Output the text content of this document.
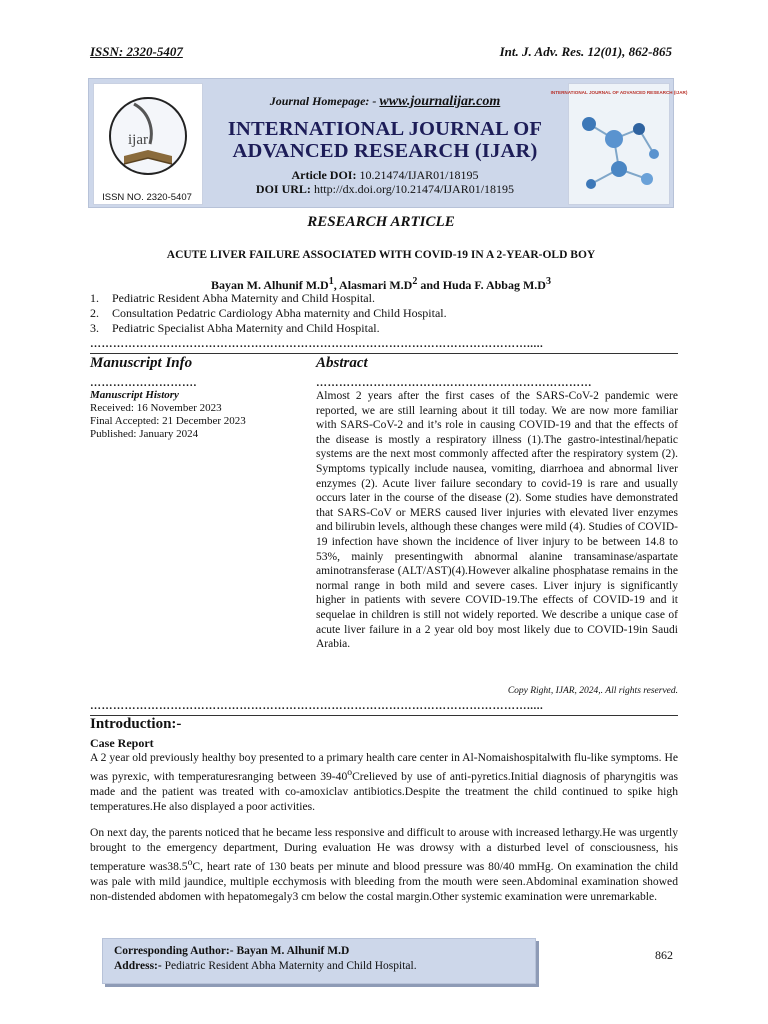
ISSN: 2320-5407	Int. J. Adv. Res. 12(01), 862-865
ijar
ISSN NO. 2320-5407
Journal Homepage: - www.journalijar.com
INTERNATIONAL JOURNAL OF
ADVANCED RESEARCH (IJAR)
Article DOI: 10.21474/IJAR01/18195
DOI URL: http://dx.doi.org/10.21474/IJAR01/18195
INTERNATIONAL JOURNAL OF ADVANCED RESEARCH (IJAR)
RESEARCH ARTICLE
ACUTE LIVER FAILURE ASSOCIATED WITH COVID-19 IN A 2-YEAR-OLD BOY
Bayan M. Alhunif $M.D^1$, Alasmari $M.D^2$ and Huda F. Abbag $M.D^3$
1. Pediatric Resident Abha Maternity and Child Hospital.
2. Consultation Pedatric Cardiology Abha maternity and Child Hospital.
3. Pediatric Specialist Abha Maternity and Child Hospital.
…………………………………………………………………………………………………….....
Manuscript Info	Abstract
……………………….	………………………………………………………………
Manuscript History
Received: 16 November 2023
Final Accepted: 21 December 2023
Published: January 2024
Almost 2 years after the first cases of the SARS-CoV-2 pandemic were reported, we are still learning about it till today. We are now more familiar with SARS-CoV-2 and it’s role in causing COVID-19 and that the effects of the disease is mostly a respiratory illness (1).The gastro-intestinal/hepatic systems are the next most commonly affected after the respiratory system (2). Symptoms typically include nausea, vomiting, diarrhoea and abnormal liver enzymes (2). Acute liver failure secondary to covid-19 is rare and usually occurs later in the course of the disease (2). Some studies have demonstrated that SARS-CoV or MERS caused liver injuries with elevated liver enzymes and bilirubin levels, although these changes were mild (4). Studies of COVID-19 infection have shown the incidence of liver injury to be between 14.8 to 53%, mainly presentingwith abnormal alanine transaminase/aspartate aminotransferase (ALT/AST)(4).However alkaline phosphatase remains in the normal range in both mild and severe cases. Liver injury is significantly higher in patients with severe COVID-19.The effects of COVID-19 and it sequelae in children is still not widely reported. We describe a unique case of acute liver failure in a 2 year old boy most likely due to COVID-19in Saudi Arabia.
Copy Right, IJAR, 2024,. All rights reserved.
…………………………………………………………………………………………………….....
Introduction:-
Case Report
A 2 year old previously healthy boy presented to a primary health care center in Al-Nomaishospitalwith flu-like symptoms. He was pyrexic, with temperaturesranging between 39-40$^o$Crelieved by use of anti-pyretics.Initial diagnosis of pharyngitis was made and the patient was treated with co-amoxiclav antibiotics.Despite the treatment the child continued to spike high temperatures.He also displayed a poor activities.
On next day, the parents noticed that he became less responsive and difficult to arouse with increased lethargy.He was urgently brought to the emergency department, During evaluation He was drowsy with a disturbed level of consciousness, his temperature was38.5$^o$C, heart rate of 130 beats per minute and blood pressure was 80/40 mmHg. On examination the child was pale with mild jaundice, multiple ecchymosis with bleeding from the mouth were seen.Abdominal examination showed non-distended abdomen with hepatomegaly3 cm below the costal margin.Other systemic examination were unremarkable.
Corresponding Author:- Bayan M. Alhunif M.D
Address:- Pediatric Resident Abha Maternity and Child Hospital.
862
